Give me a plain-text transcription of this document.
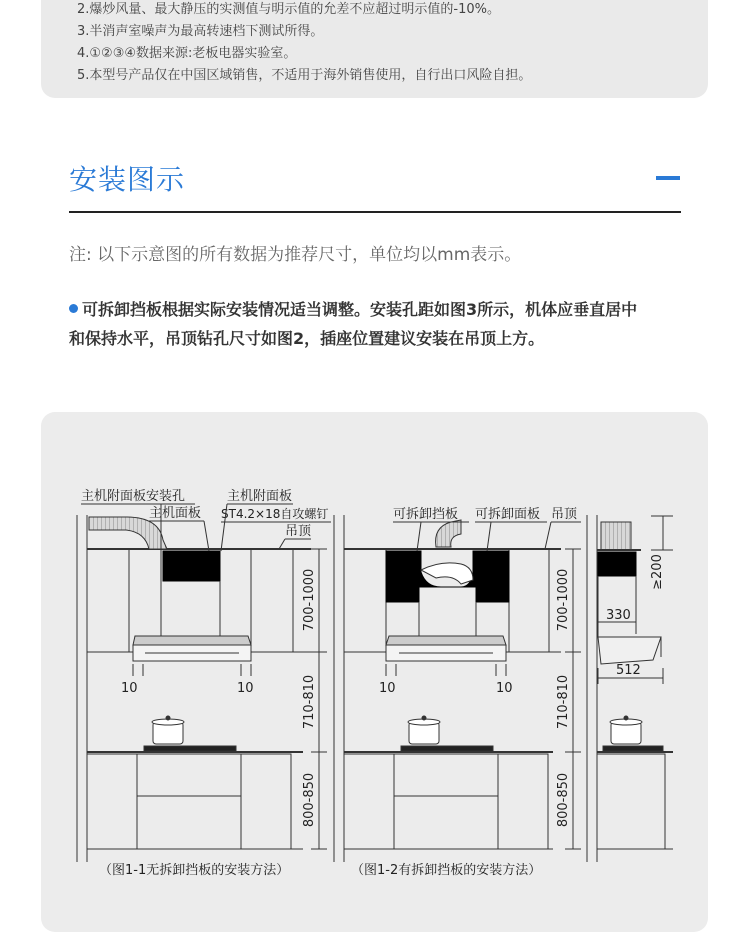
2.爆炒风量、最大静压的实测值与明示值的允差不应超过明示值的-10%。
3.半消声室噪声为最高转速档下测试所得。
4.①②③④数据来源:老板电器实验室。
5.本型号产品仅在中国区域销售，不适用于海外销售使用，自行出口风险自担。
安装图示
注: 以下示意图的所有数据为推荐尺寸，单位均以mm表示。
可拆卸挡板根据实际安装情况适当调整。安装孔距如图3所示，机体应垂直居中
和保持水平，吊顶钻孔尺寸如图2，插座位置建议安装在吊顶上方。
主机附面板安装孔
主机面板
主机附面板
ST4.2×18自攻螺钉
吊顶
10	10
（图1-1无拆卸挡板的安装方法）
可拆卸挡板 可拆卸面板 吊顶
10	10
（图1-2有拆卸挡板的安装方法）
700-1000
710-810
800-850
700-1000
710-810
800-850
≥200
330
512
